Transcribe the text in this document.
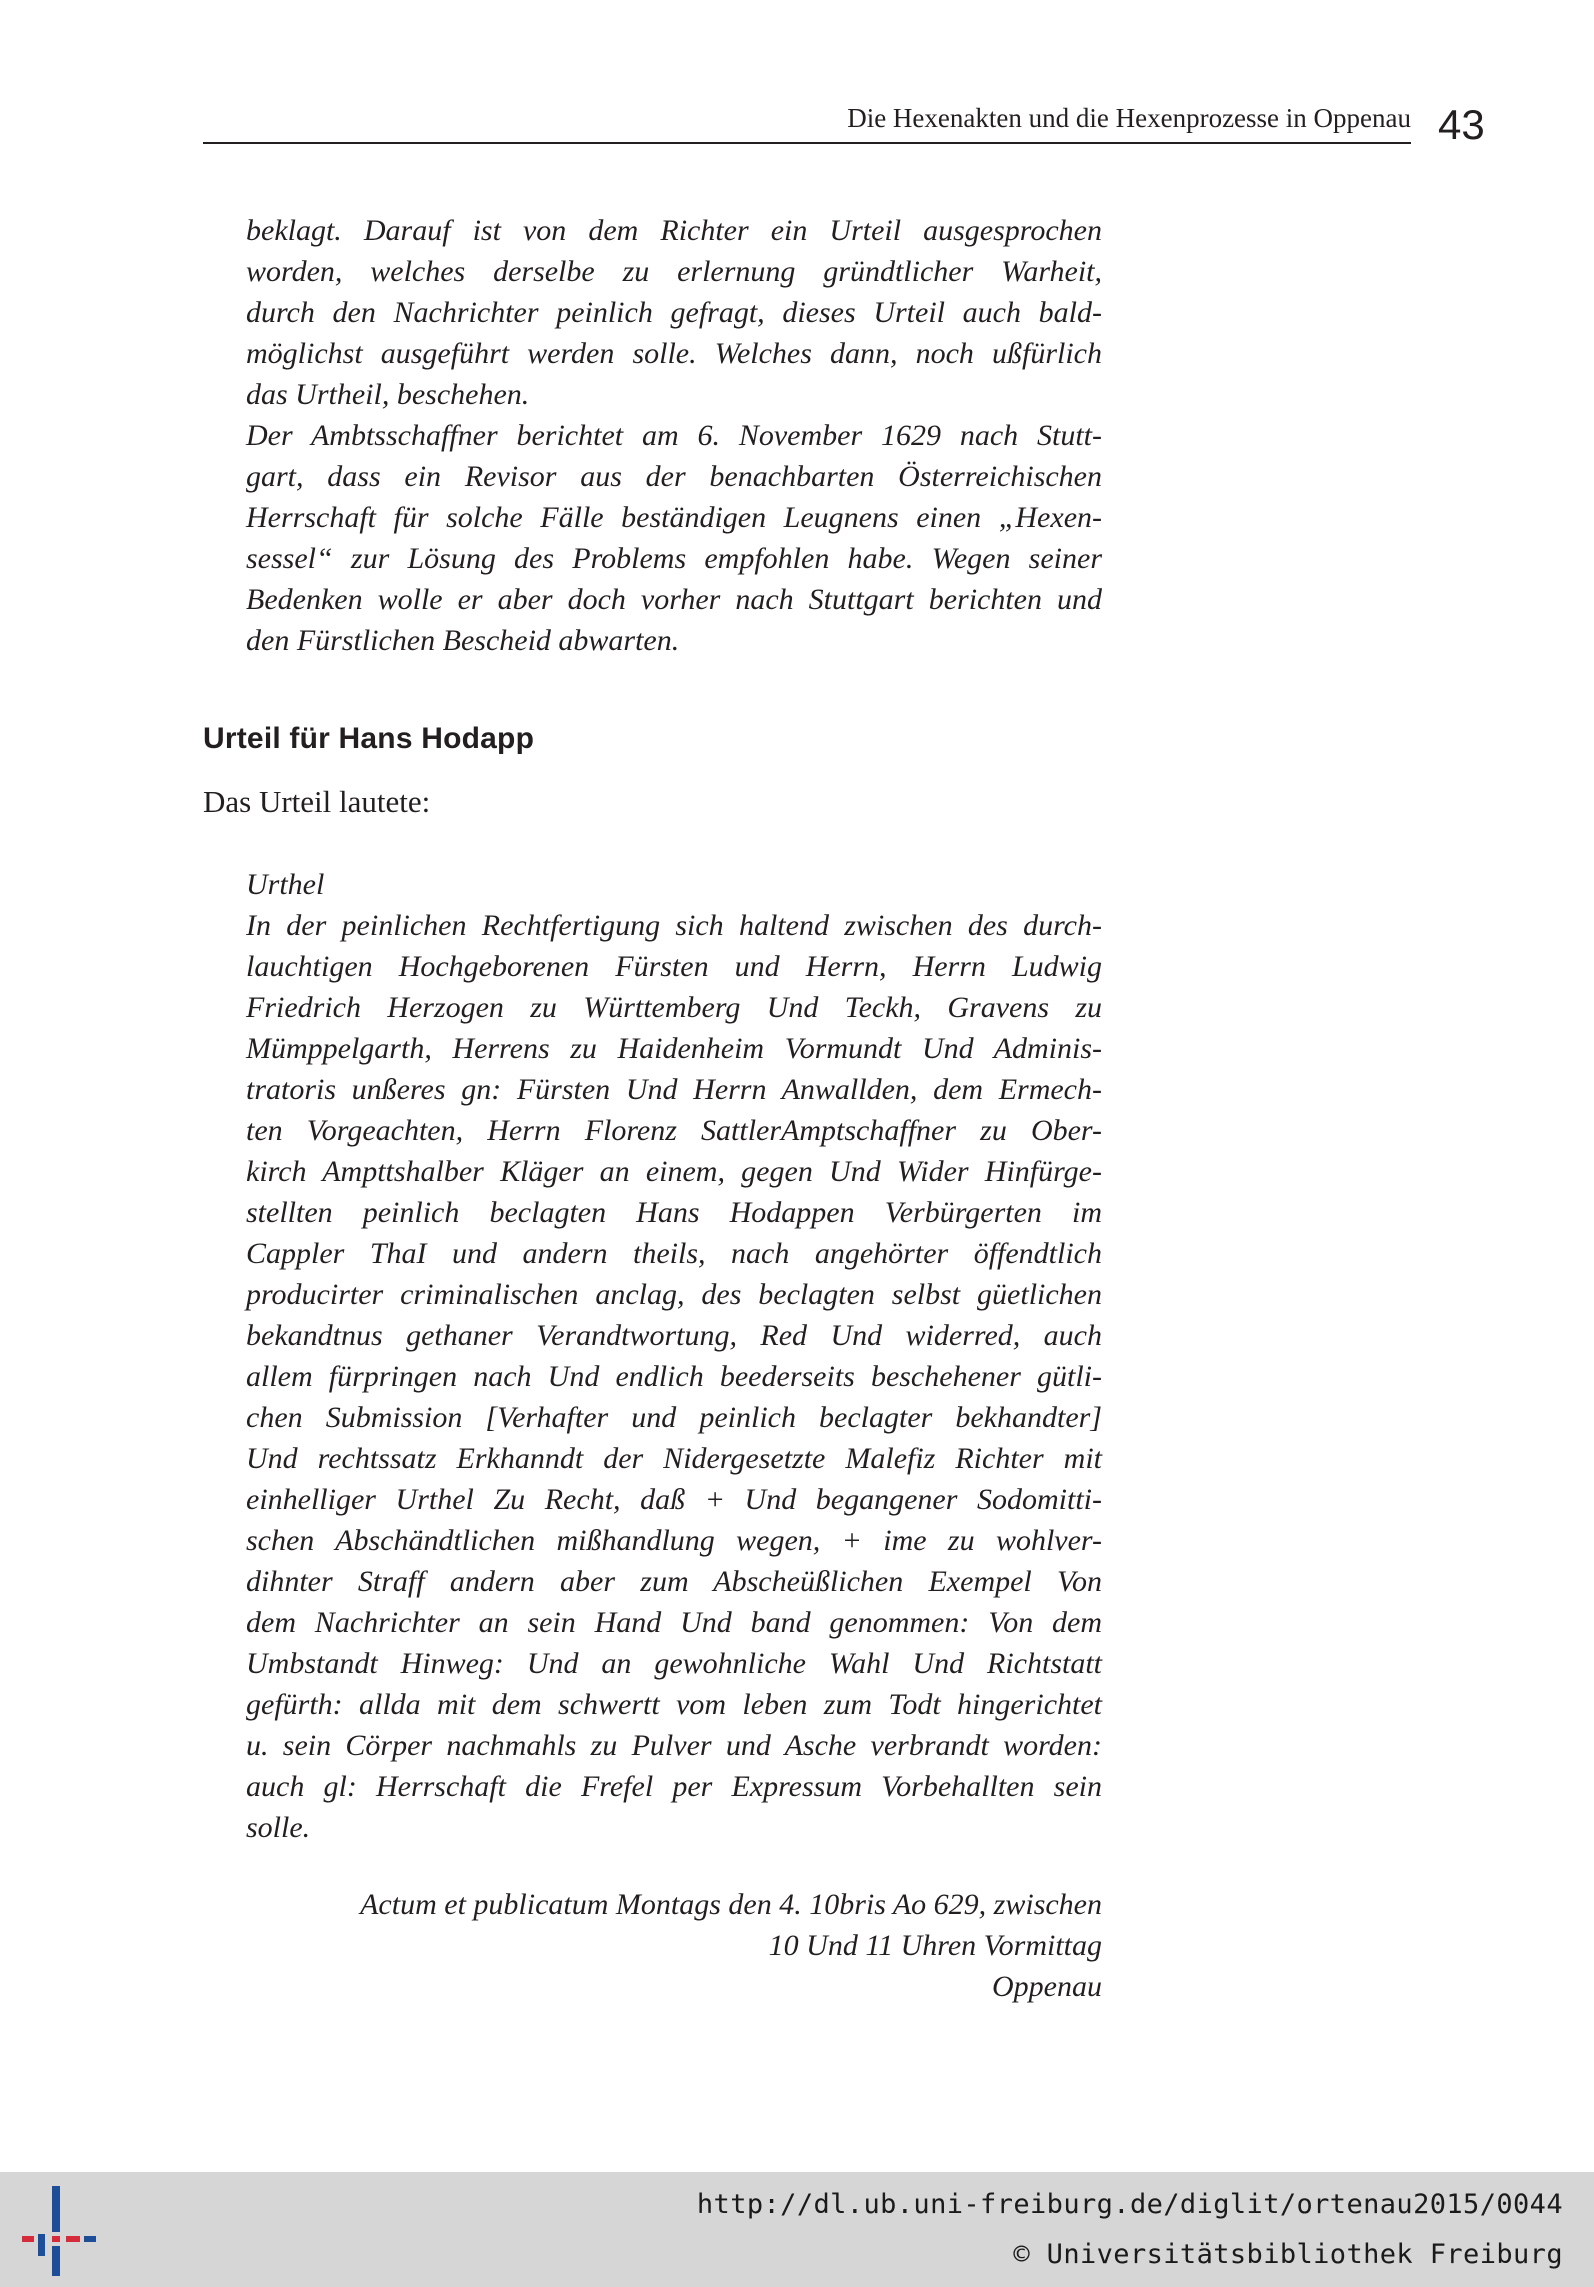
Die Hexenakten und die Hexenprozesse in Oppenau 43

beklagt. Darauf ist von dem Richter ein Urteil ausgesprochen

worden, welches derselbe zu erlernung gründtlicher Warheit,

durch den Nachrichter peinlich gefragt, dieses Urteil auch bald-

möglichst ausgeführt werden solle. Welches dann, noch ußfürlich

das Urtheil, beschehen.

Der Ambtsschaffner berichtet am 6. November 1629 nach Stutt-

gart, dass ein Revisor aus der benachbarten Österreichischen

Herrschaft für solche Fälle beständigen Leugnens einen „Hexen-

sessel“ zur Lösung des Problems empfohlen habe. Wegen seiner

Bedenken wolle er aber doch vorher nach Stuttgart berichten und

den Fürstlichen Bescheid abwarten.

Urteil für Hans Hodapp
Das Urteil lautete:

Urthel

In der peinlichen Rechtfertigung sich haltend zwischen des durch-

lauchtigen Hochgeborenen Fürsten und Herrn, Herrn Ludwig

Friedrich Herzogen zu Württemberg Und Teckh, Gravens zu

Mümppelgarth, Herrens zu Haidenheim Vormundt Und Adminis-

tratoris unßeres gn: Fürsten Und Herrn Anwallden, dem Ermech-

ten Vorgeachten, Herrn Florenz SattlerAmptschaffner zu Ober-

kirch Ampttshalber Kläger an einem, gegen Und Wider Hinfürge-

stellten peinlich beclagten Hans Hodappen Verbürgerten im

Cappler ThaI und andern theils, nach angehörter öffendtlich

producirter criminalischen anclag, des beclagten selbst güetlichen

bekandtnus gethaner Verandtwortung, Red Und widerred, auch

allem fürpringen nach Und endlich beederseits beschehener gütli-

chen Submission [Verhafter und peinlich beclagter bekhandter]

Und rechtssatz Erkhanndt der Nidergesetzte Malefiz Richter mit

einhelliger Urthel Zu Recht, daß + Und begangener Sodomitti-

schen Abschändtlichen mißhandlung wegen, + ime zu wohlver-

dihnter Straff andern aber zum Abscheüßlichen Exempel Von

dem Nachrichter an sein Hand Und band genommen: Von dem

Umbstandt Hinweg: Und an gewohnliche Wahl Und Richtstatt

gefürth: allda mit dem schwertt vom leben zum Todt hingerichtet

u. sein Cörper nachmahls zu Pulver und Asche verbrandt worden:

auch gl: Herrschaft die Frefel per Expressum Vorbehallten sein

solle.

Actum et publicatum Montags den 4. 10bris Ao 629, zwischen
10 Und 11 Uhren Vormittag
Oppenau
http://dl.ub.uni-freiburg.de/diglit/ortenau2015/0044
© Universitätsbibliothek Freiburg
